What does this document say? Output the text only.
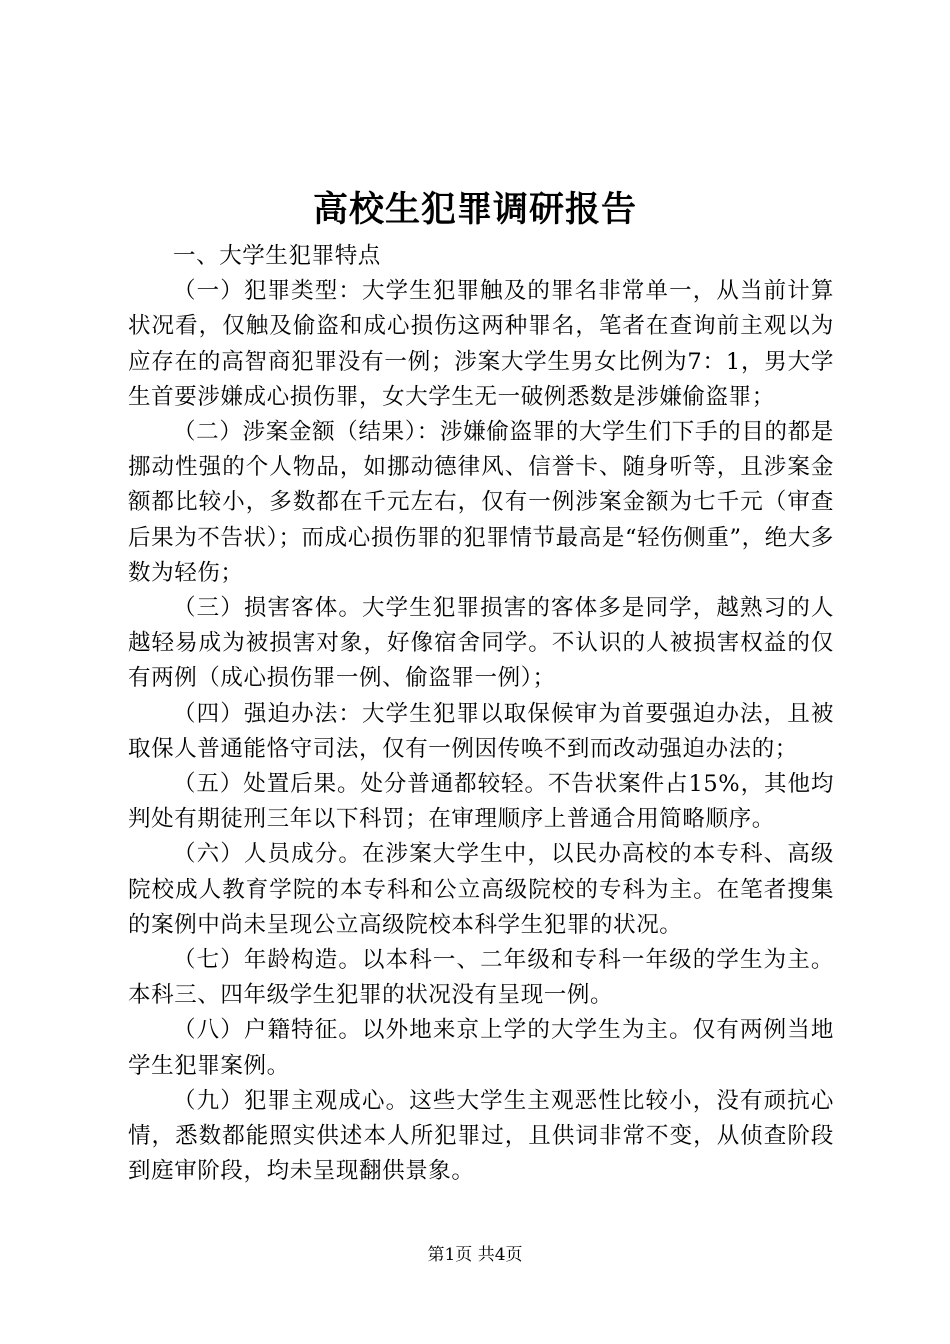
高校生犯罪调研报告

一、大学生犯罪特点

（一）犯罪类型：大学生犯罪触及的罪名非常单一，从当前计算状况看，仅触及偷盗和成心损伤这两种罪名，笔者在查询前主观以为应存在的高智商犯罪没有一例；涉案大学生男女比例为7：1，男大学生首要涉嫌成心损伤罪，女大学生无一破例悉数是涉嫌偷盗罪；

（二）涉案金额（结果）：涉嫌偷盗罪的大学生们下手的目的都是挪动性强的个人物品，如挪动德律风、信誉卡、随身听等，且涉案金额都比较小，多数都在千元左右，仅有一例涉案金额为七千元（审查后果为不告状）；而成心损伤罪的犯罪情节最高是“轻伤侧重”，绝大多数为轻伤；

（三）损害客体。大学生犯罪损害的客体多是同学，越熟习的人越轻易成为被损害对象，好像宿舍同学。不认识的人被损害权益的仅有两例（成心损伤罪一例、偷盗罪一例）；

（四）强迫办法：大学生犯罪以取保候审为首要强迫办法，且被取保人普通能恪守司法，仅有一例因传唤不到而改动强迫办法的；

（五）处置后果。处分普通都较轻。不告状案件占15%，其他均判处有期徒刑三年以下科罚；在审理顺序上普通合用简略顺序。

（六）人员成分。在涉案大学生中，以民办高校的本专科、高级院校成人教育学院的本专科和公立高级院校的专科为主。在笔者搜集的案例中尚未呈现公立高级院校本科学生犯罪的状况。

（七）年龄构造。以本科一、二年级和专科一年级的学生为主。本科三、四年级学生犯罪的状况没有呈现一例。

（八）户籍特征。以外地来京上学的大学生为主。仅有两例当地学生犯罪案例。

（九）犯罪主观成心。这些大学生主观恶性比较小，没有顽抗心情，悉数都能照实供述本人所犯罪过，且供词非常不变，从侦查阶段到庭审阶段，均未呈现翻供景象。

第1页 共4页
